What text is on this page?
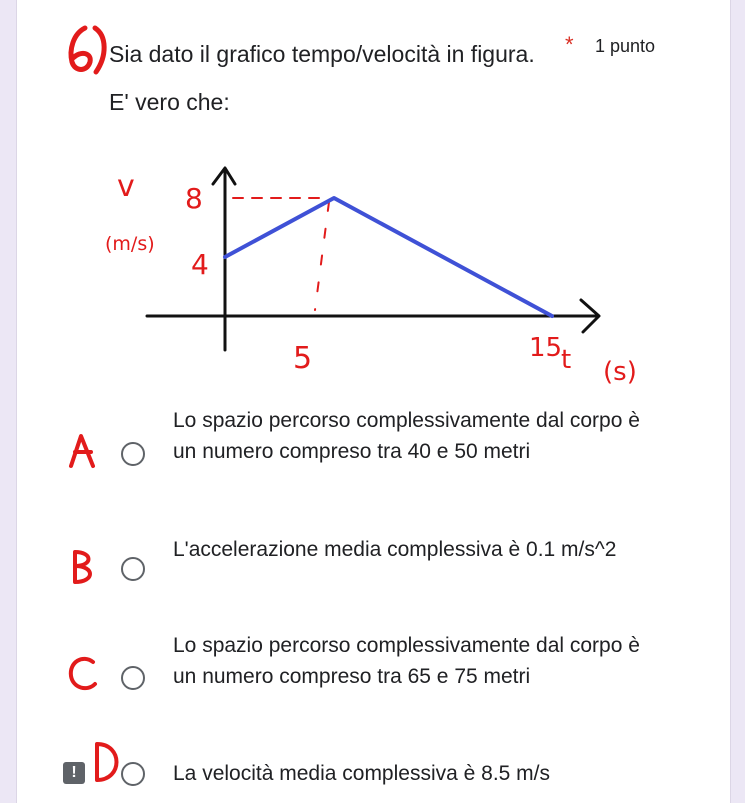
Sia dato il grafico tempo/velocità in figura. E' vero che:
* 1 punto
v
(m/s)
8
4
5	15
t (s)
Lo spazio percorso complessivamente dal corpo è un numero compreso tra 40 e 50 metri
L'accelerazione media complessiva è 0.1 m/s^2
Lo spazio percorso complessivamente dal corpo è un numero compreso tra 65 e 75 metri
!	La velocità media complessiva è 8.5 m/s
